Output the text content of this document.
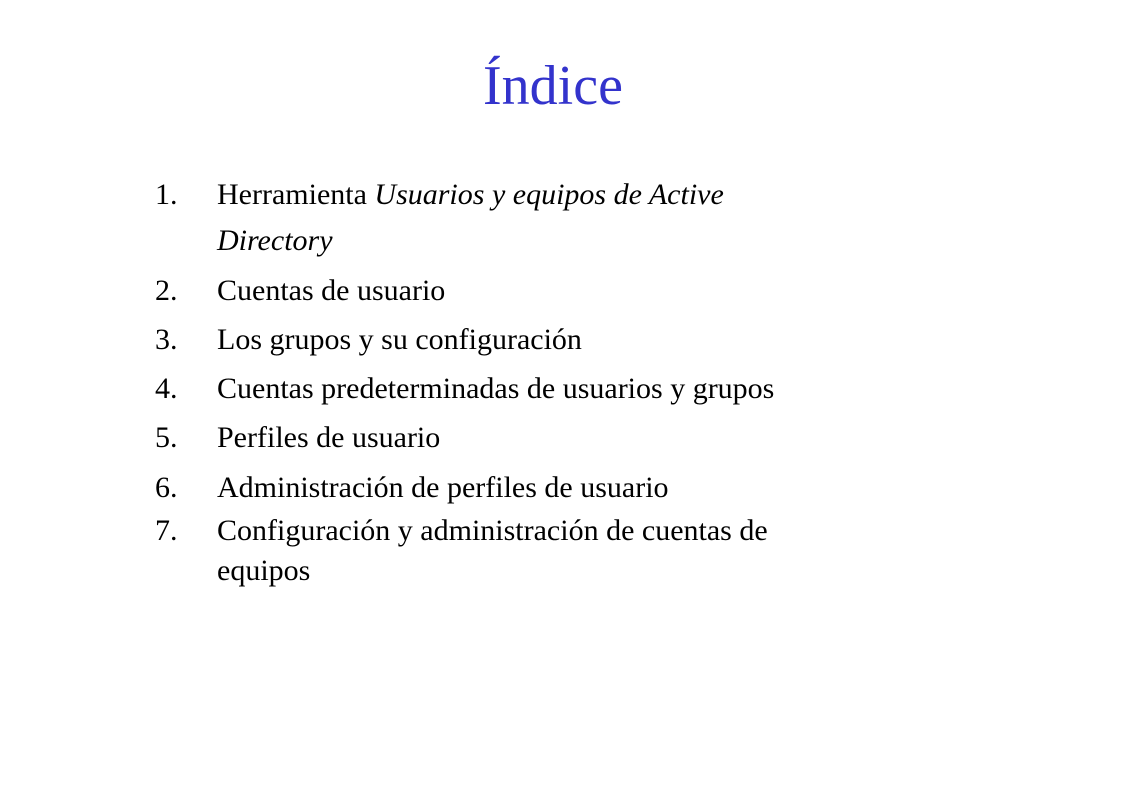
Índice
1. Herramienta Usuarios y equipos de Active
Directory
2. Cuentas de usuario
3. Los grupos y su configuración
4. Cuentas predeterminadas de usuarios y grupos
5. Perfiles de usuario
6. Administración de perfiles de usuario
7. Configuración y administración de cuentas de
equipos
